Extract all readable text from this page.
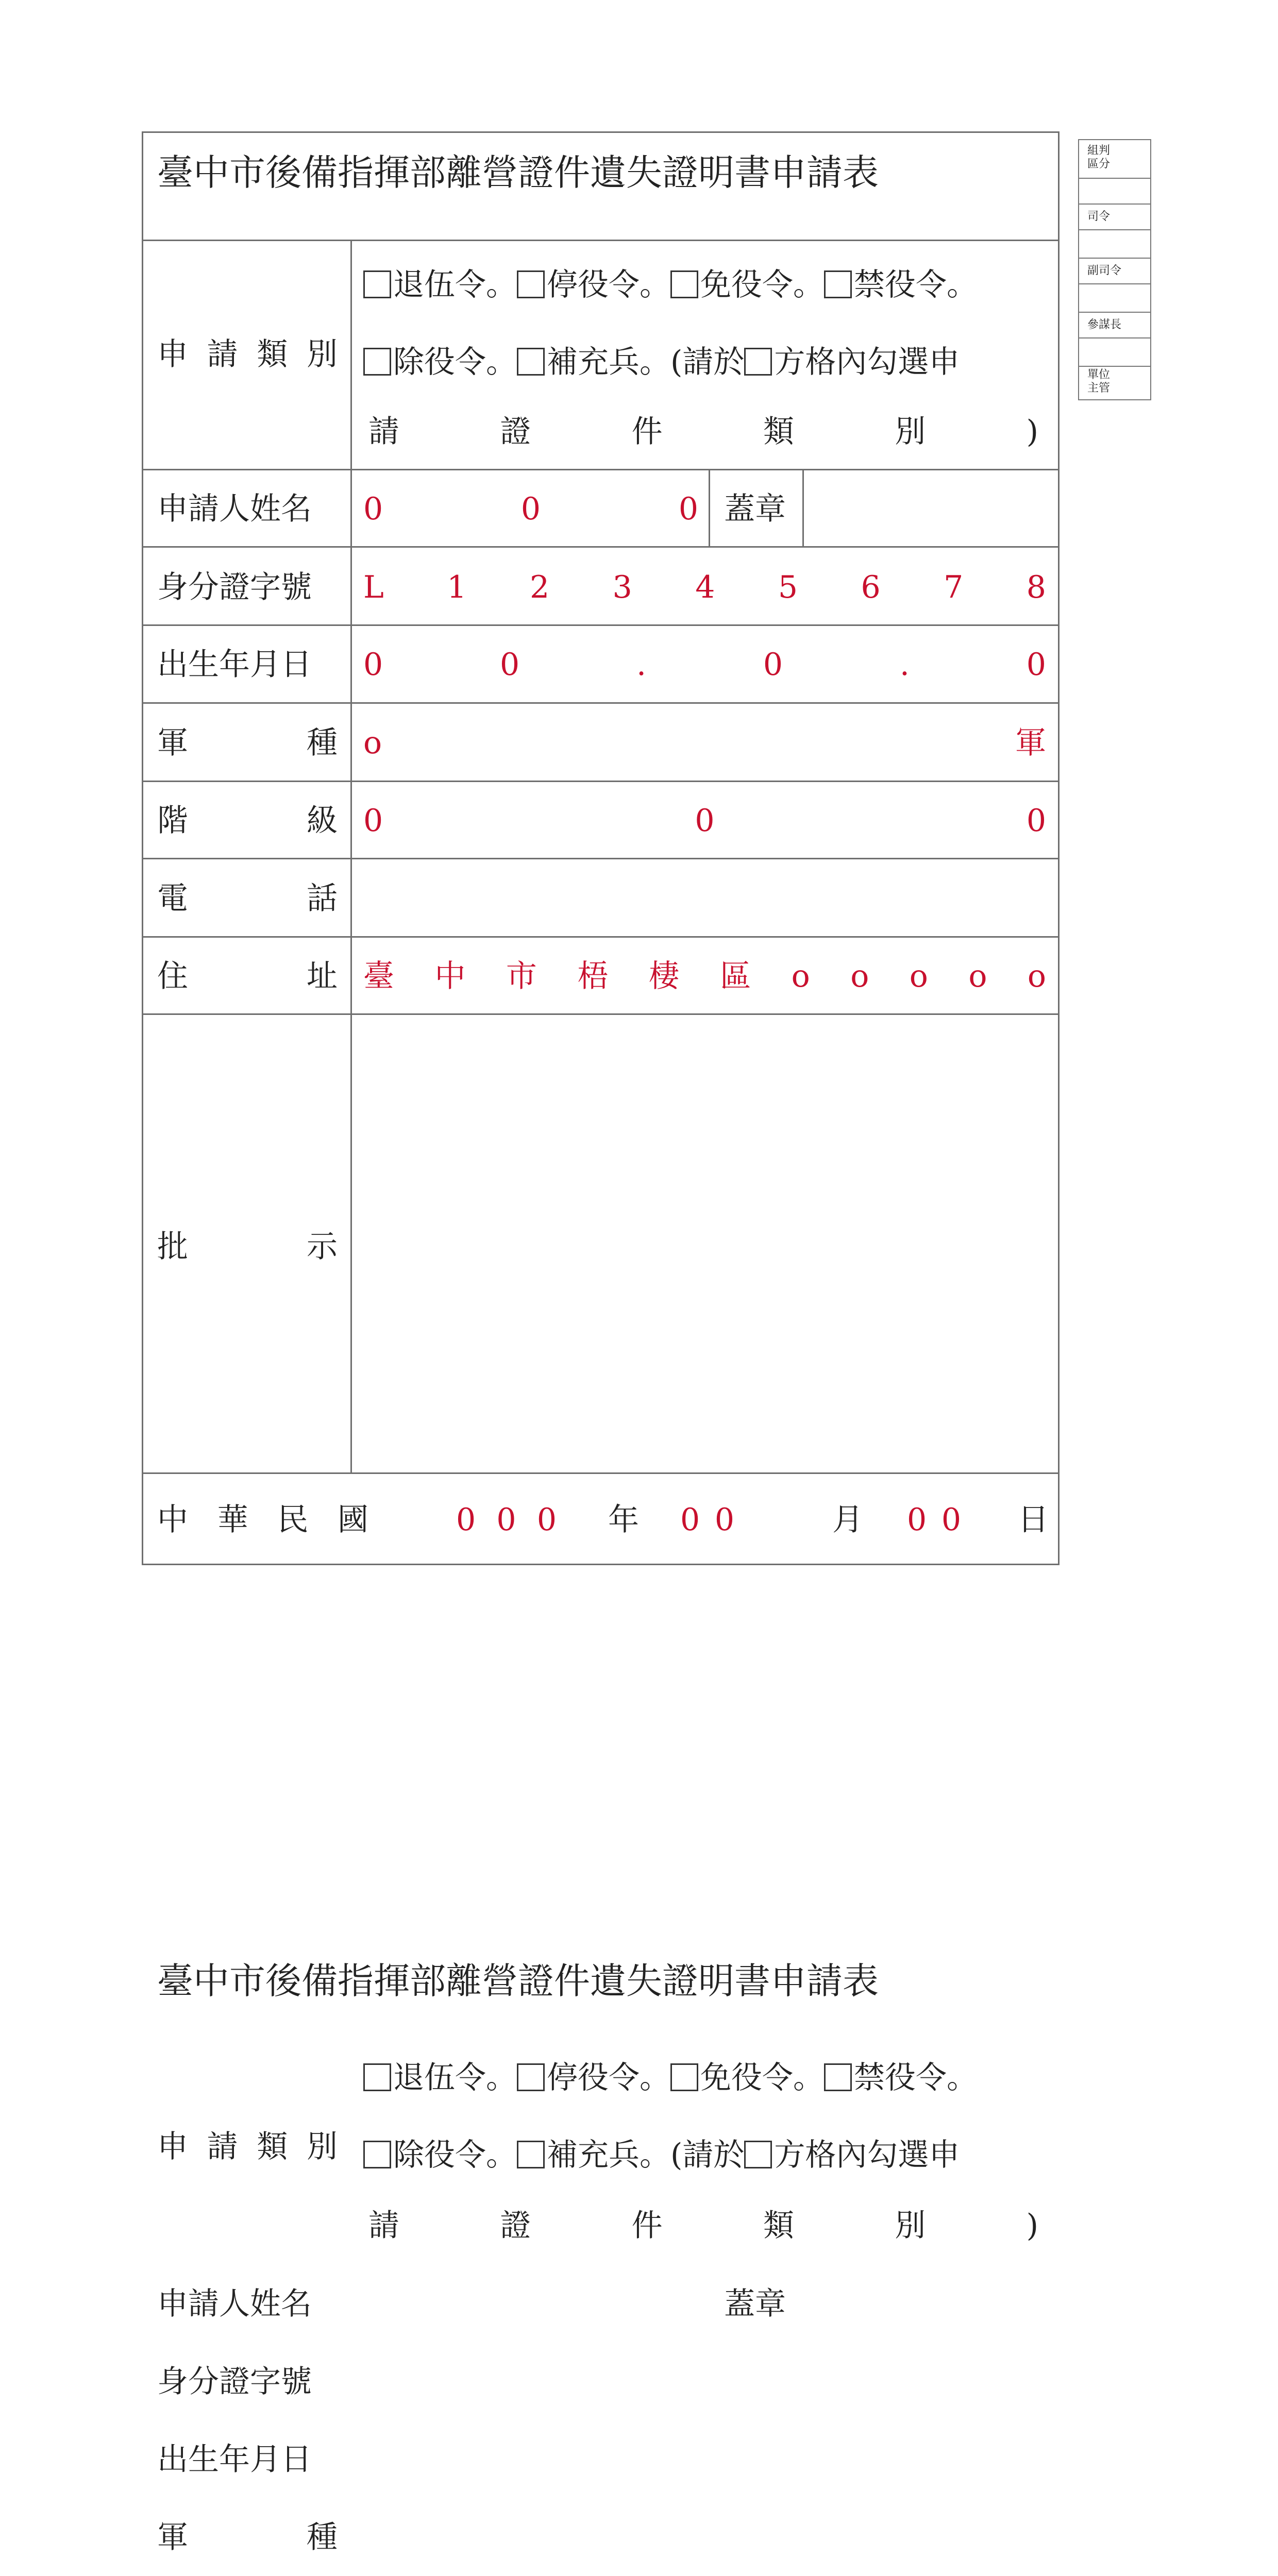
臺中市後備指揮部離營證件遺失證明書申請表
申 請 類 別
退伍令。 停役令。 免役令。 禁役令。
除役令。 補充兵。(請於 方格內勾選申
請	證	件	類	別	)
申請人姓名 0	0	0 蓋章
身分證字號 L 1 2 3 4 5 6 7 8
出生年月日 0	0	.	0	.	0
軍	種 o	軍
階	級 0	0	0
電	話
住	址 臺 中 市 梧 棲 區 o o o o o
批	示
中 華 民 國	0 0 0 年 0 0	月 0 0 日
組判
區分
司令
副司令
參謀長
單位
主管
臺中市後備指揮部離營證件遺失證明書申請表
退伍令。 停役令。 免役令。 禁役令。
申 請 類 別	除役令。 補充兵。(請於 方格內勾選申
請	證	件	類	別	)
申請人姓名	蓋章
身分證字號
出生年月日
軍	種
